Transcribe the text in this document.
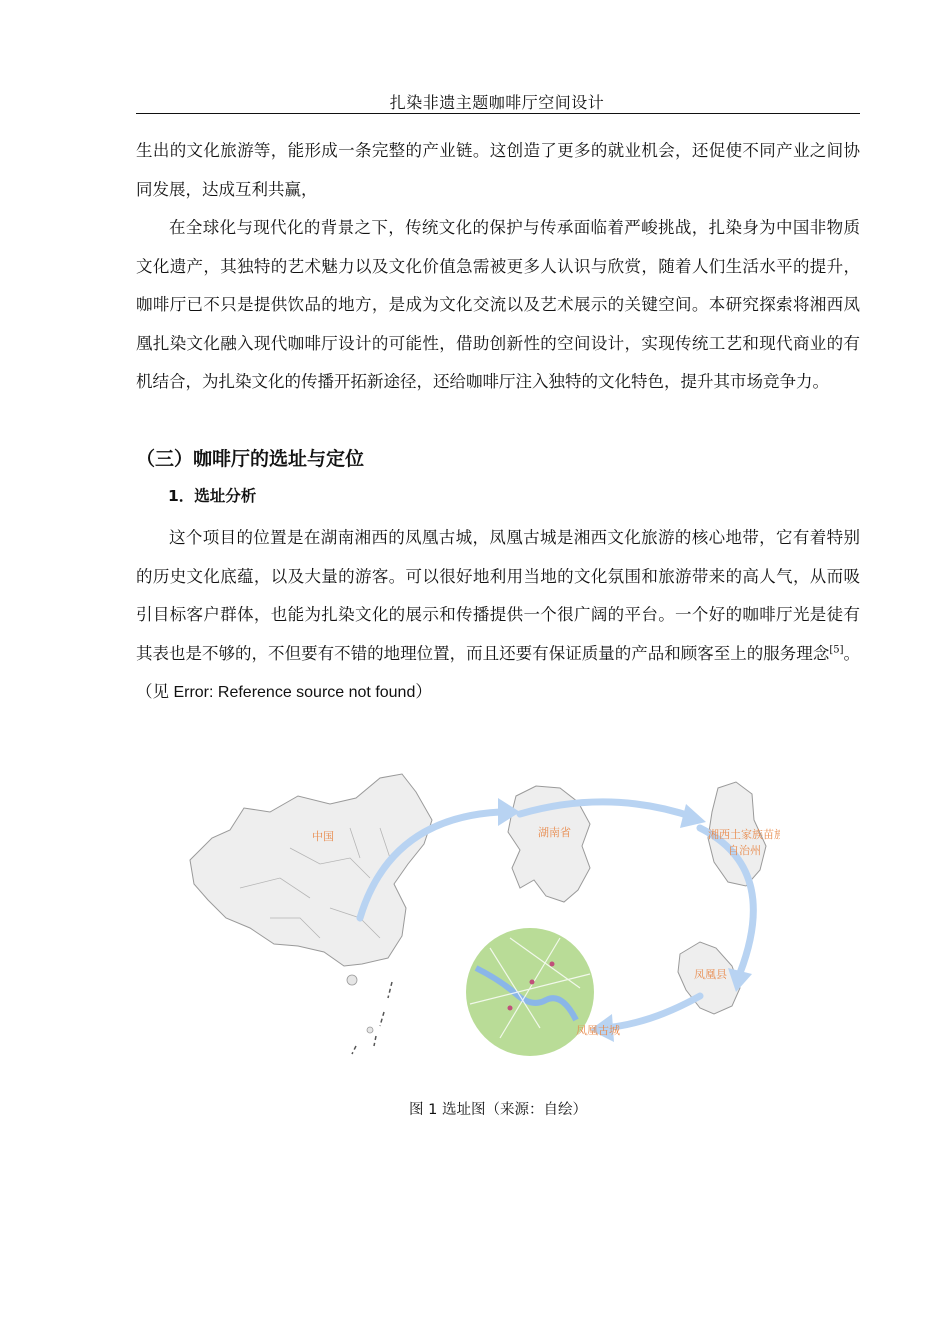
扎染非遗主题咖啡厅空间设计
生出的文化旅游等，能形成一条完整的产业链。这创造了更多的就业机会，还促使不同产业之间协同发展，达成互利共赢，
在全球化与现代化的背景之下，传统文化的保护与传承面临着严峻挑战，扎染身为中国非物质文化遗产，其独特的艺术魅力以及文化价值急需被更多人认识与欣赏，随着人们生活水平的提升，咖啡厅已不只是提供饮品的地方，是成为文化交流以及艺术展示的关键空间。本研究探索将湘西凤凰扎染文化融入现代咖啡厅设计的可能性，借助创新性的空间设计，实现传统工艺和现代商业的有机结合，为扎染文化的传播开拓新途径，还给咖啡厅注入独特的文化特色，提升其市场竞争力。
（三）咖啡厅的选址与定位
1．选址分析
这个项目的位置是在湖南湘西的凤凰古城，凤凰古城是湘西文化旅游的核心地带，它有着特别的历史文化底蕴，以及大量的游客。可以很好地利用当地的文化氛围和旅游带来的高人气，从而吸引目标客户群体，也能为扎染文化的展示和传播提供一个很广阔的平台。一个好的咖啡厅光是徒有其表也是不够的，不但要有不错的地理位置，而且还要有保证质量的产品和顾客至上的服务理念[5]。（见 Error: Reference source not found）
中国	湖南省	湘西土家族苗族
自治州
凤凰县
凤凰古城
图 1 选址图（来源：自绘）
